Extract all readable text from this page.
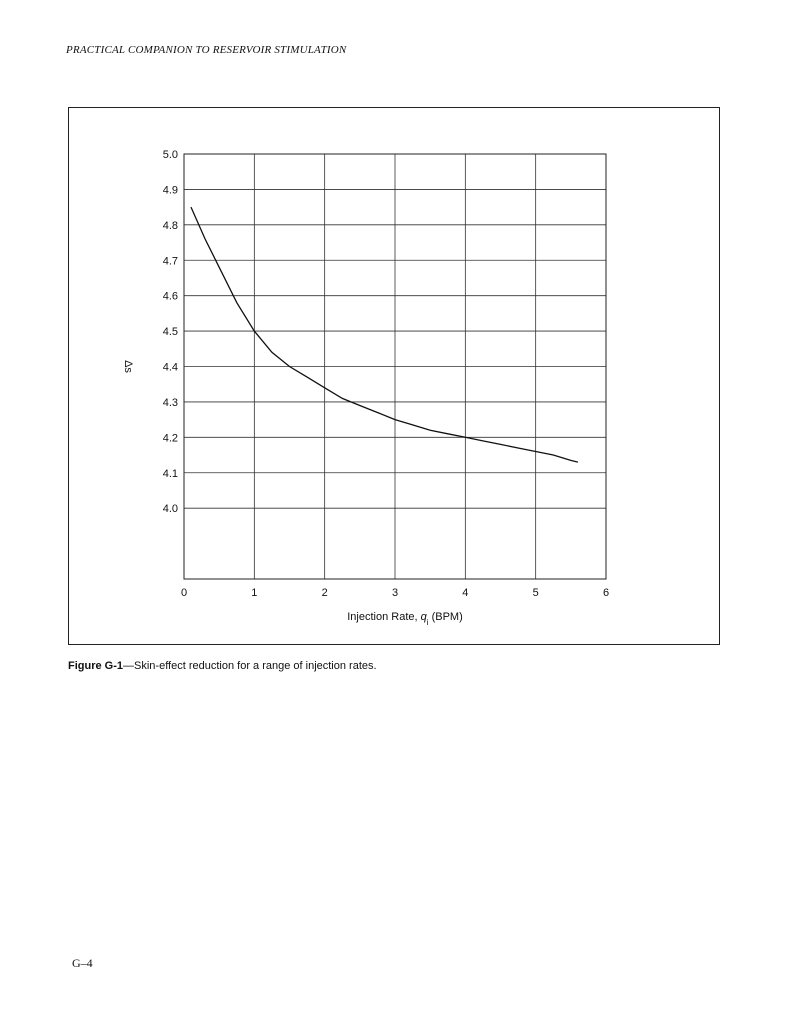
PRACTICAL COMPANION TO RESERVOIR STIMULATION
4.0
4.1
4.2
4.3
4.4
4.5
4.6
4.7
4.8
4.9
5.0
0	1	2	3	4	5	6
Δs
Injection Rate, $q_i$ (BPM)
Figure G-1—Skin-effect reduction for a range of injection rates.
G–4
